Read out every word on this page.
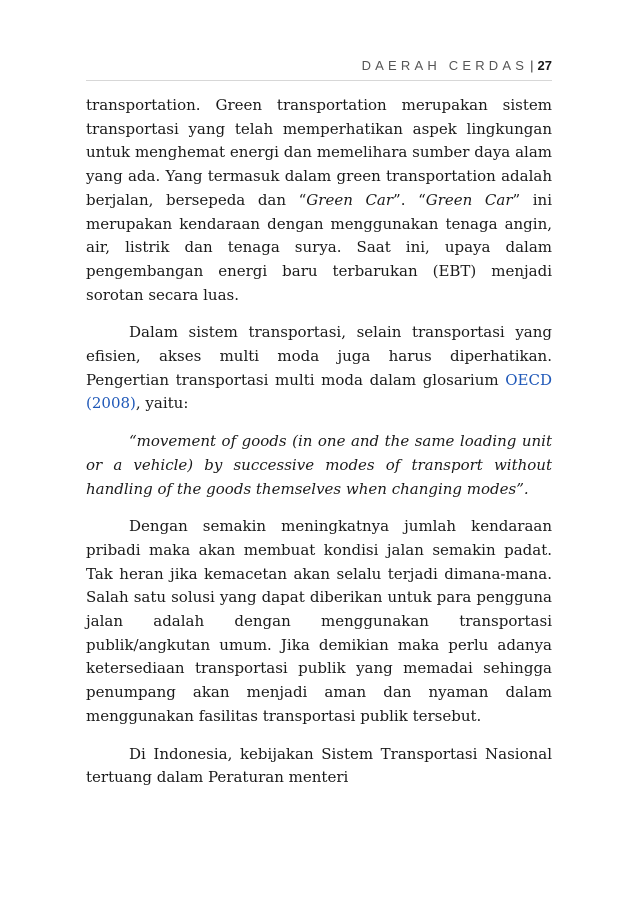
DAERAH CERDAS | 27

transportation. Green transportation merupakan sistem transportasi yang telah memperhatikan aspek lingkungan untuk menghemat energi dan memelihara sumber daya alam yang ada. Yang termasuk dalam green transportation adalah berjalan, bersepeda dan “Green Car”. “Green Car” ini merupakan kendaraan dengan menggunakan tenaga angin, air, listrik dan tenaga surya. Saat ini, upaya dalam pengembangan energi baru terbarukan (EBT) menjadi sorotan secara luas.

Dalam sistem transportasi, selain transportasi yang efisien, akses multi moda juga harus diperhatikan. Pengertian transportasi multi moda dalam glosarium OECD (2008), yaitu:

“movement of goods (in one and the same loading unit or a vehicle) by successive modes of transport without handling of the goods themselves when changing modes”.

Dengan semakin meningkatnya jumlah kendaraan pribadi maka akan membuat kondisi jalan semakin padat. Tak heran jika kemacetan akan selalu terjadi dimana-mana. Salah satu solusi yang dapat diberikan untuk para pengguna jalan adalah dengan menggunakan transportasi publik/angkutan umum. Jika demikian maka perlu adanya ketersediaan transportasi publik yang memadai sehingga penumpang akan menjadi aman dan nyaman dalam menggunakan fasilitas transportasi publik tersebut.

Di Indonesia, kebijakan Sistem Transportasi Nasional tertuang dalam Peraturan menteri
